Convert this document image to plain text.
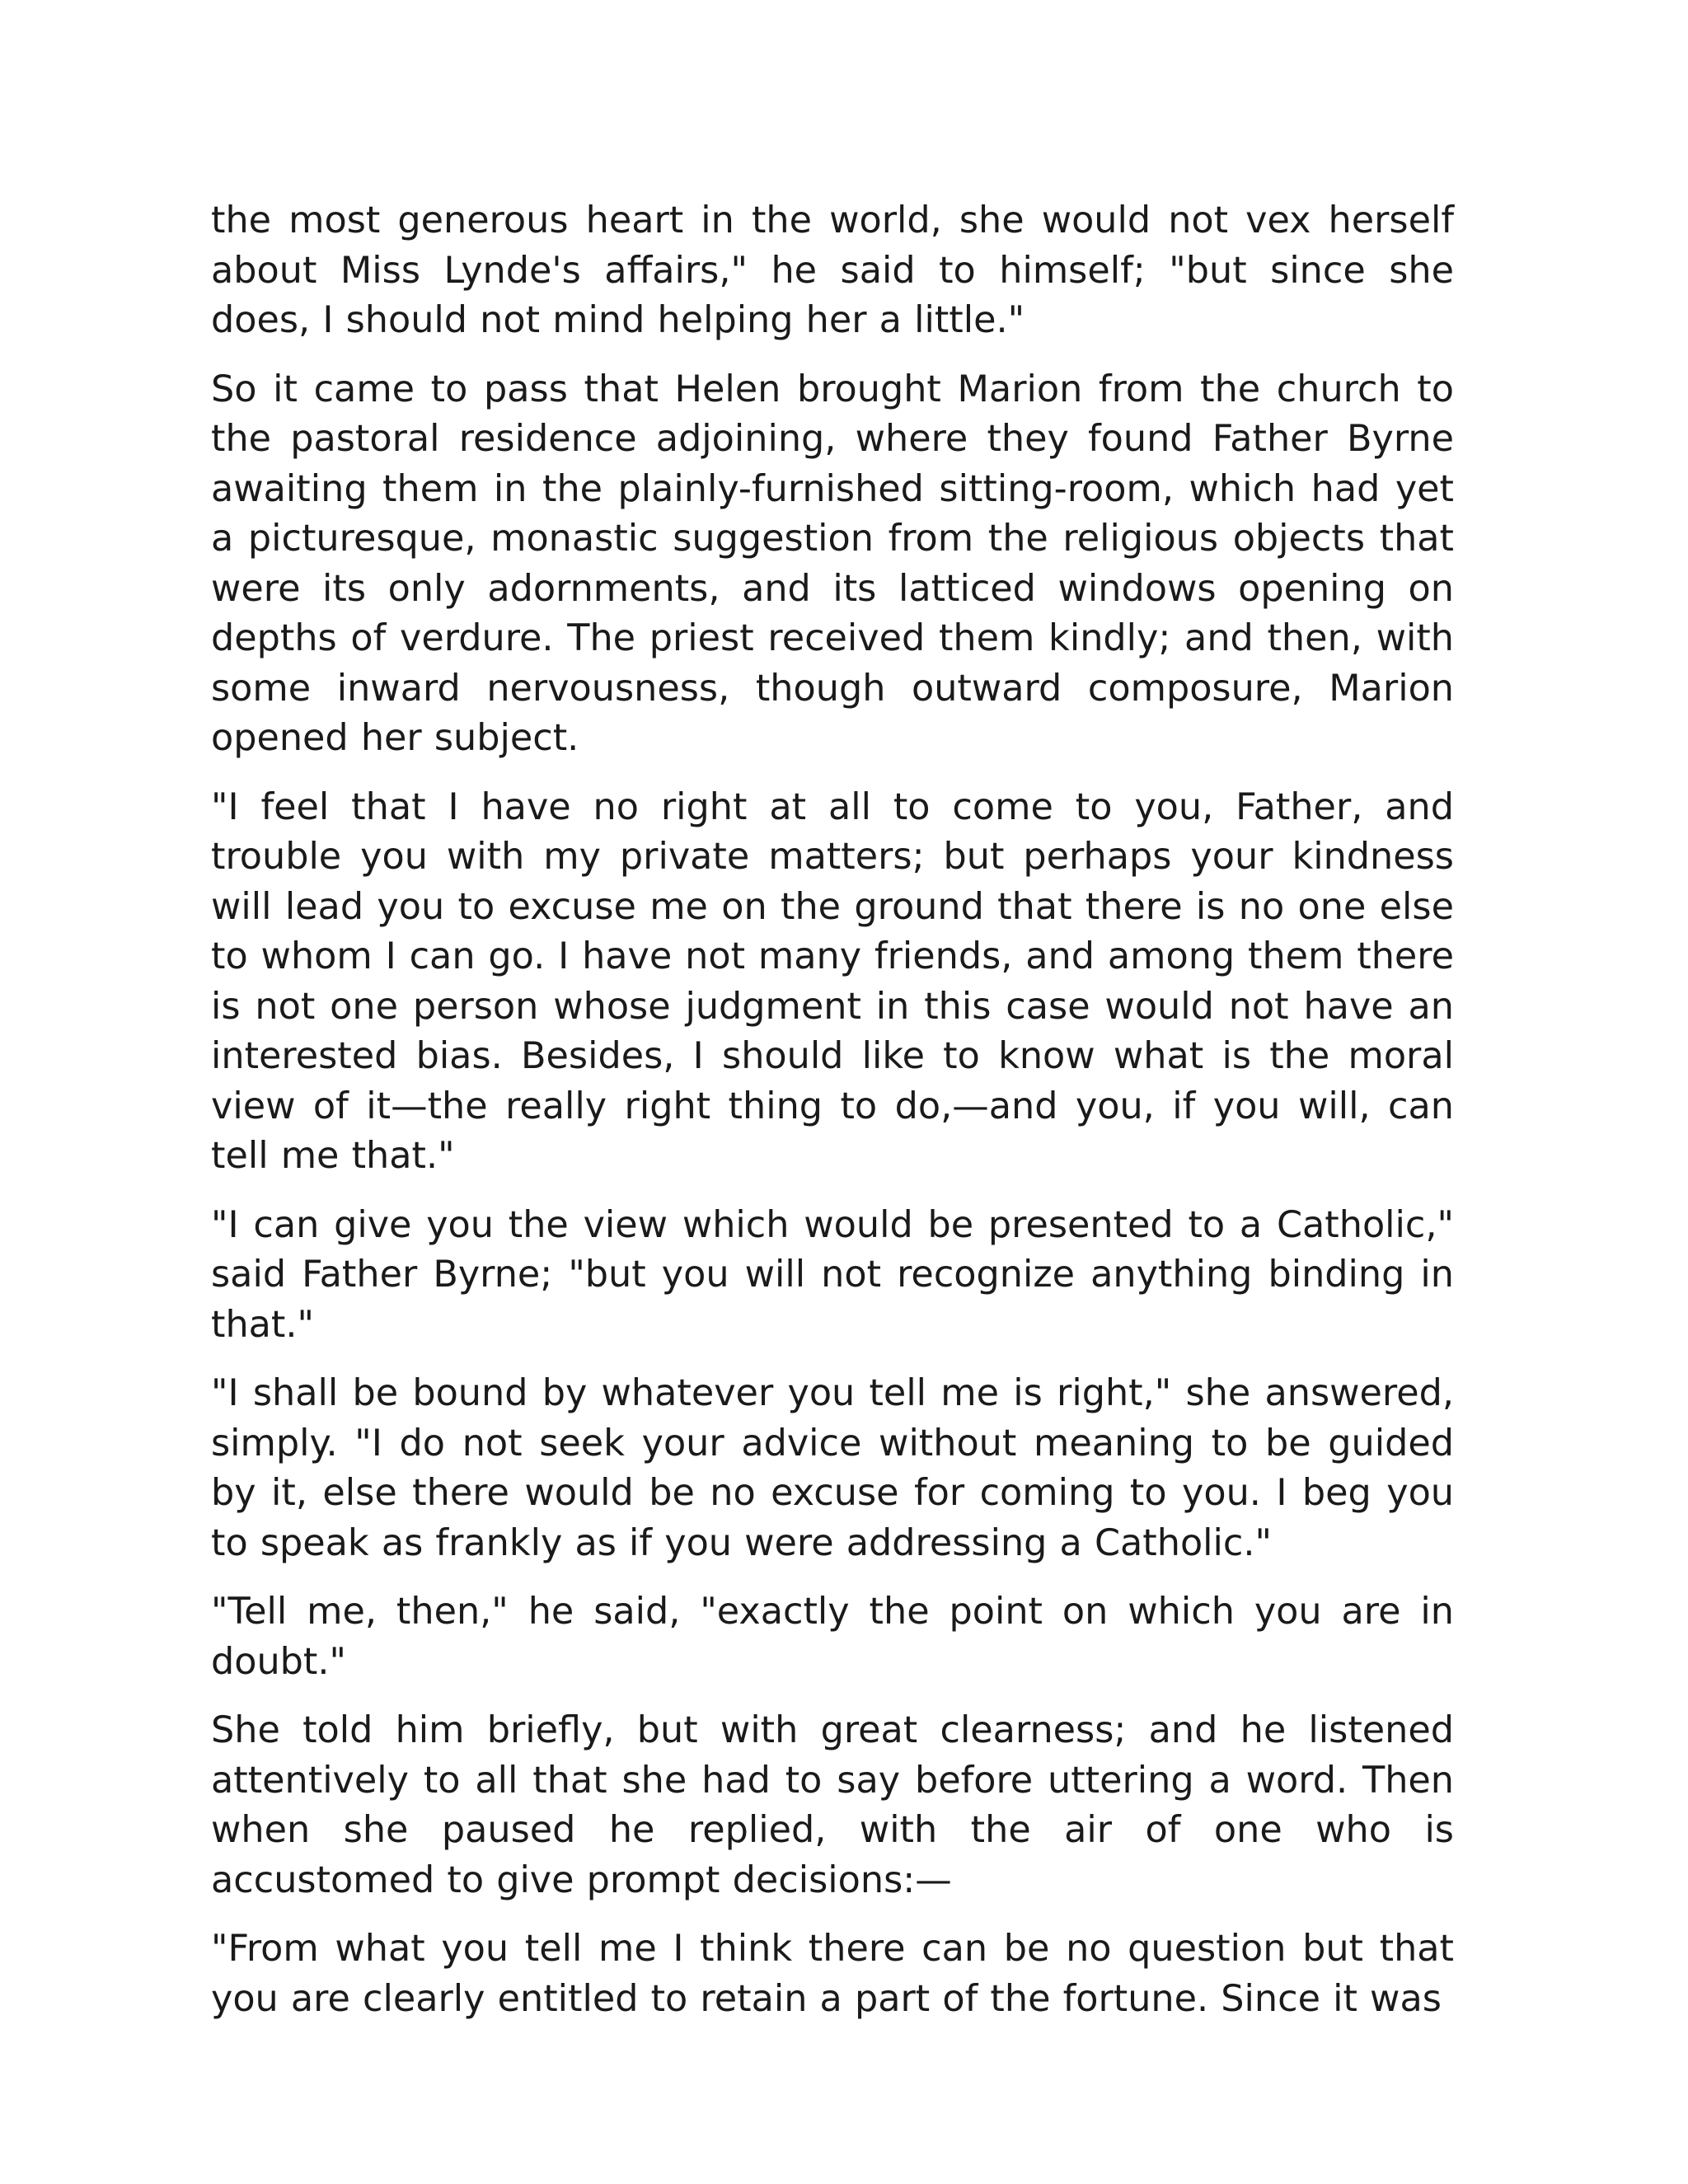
the most generous heart in the world, she would not vex herself about Miss Lynde's affairs," he said to himself; "but since she does, I should not mind helping her a little."

So it came to pass that Helen brought Marion from the church to the pastoral residence adjoining, where they found Father Byrne awaiting them in the plainly-furnished sitting-room, which had yet a picturesque, monastic suggestion from the religious objects that were its only adornments, and its latticed windows opening on depths of verdure. The priest received them kindly; and then, with some inward nervousness, though outward composure, Marion opened her subject.

"I feel that I have no right at all to come to you, Father, and trouble you with my private matters; but perhaps your kindness will lead you to excuse me on the ground that there is no one else to whom I can go. I have not many friends, and among them there is not one person whose judgment in this case would not have an interested bias. Besides, I should like to know what is the moral view of it—the really right thing to do,—and you, if you will, can tell me that."

"I can give you the view which would be presented to a Catholic," said Father Byrne; "but you will not recognize anything binding in that."

"I shall be bound by whatever you tell me is right," she answered, simply. "I do not seek your advice without meaning to be guided by it, else there would be no excuse for coming to you. I beg you to speak as frankly as if you were addressing a Catholic."

"Tell me, then," he said, "exactly the point on which you are in doubt."

She told him briefly, but with great clearness; and he listened attentively to all that she had to say before uttering a word. Then when she paused he replied, with the air of one who is accustomed to give prompt decisions:—

"From what you tell me I think there can be no question but that you are clearly entitled to retain a part of the fortune. Since it was
